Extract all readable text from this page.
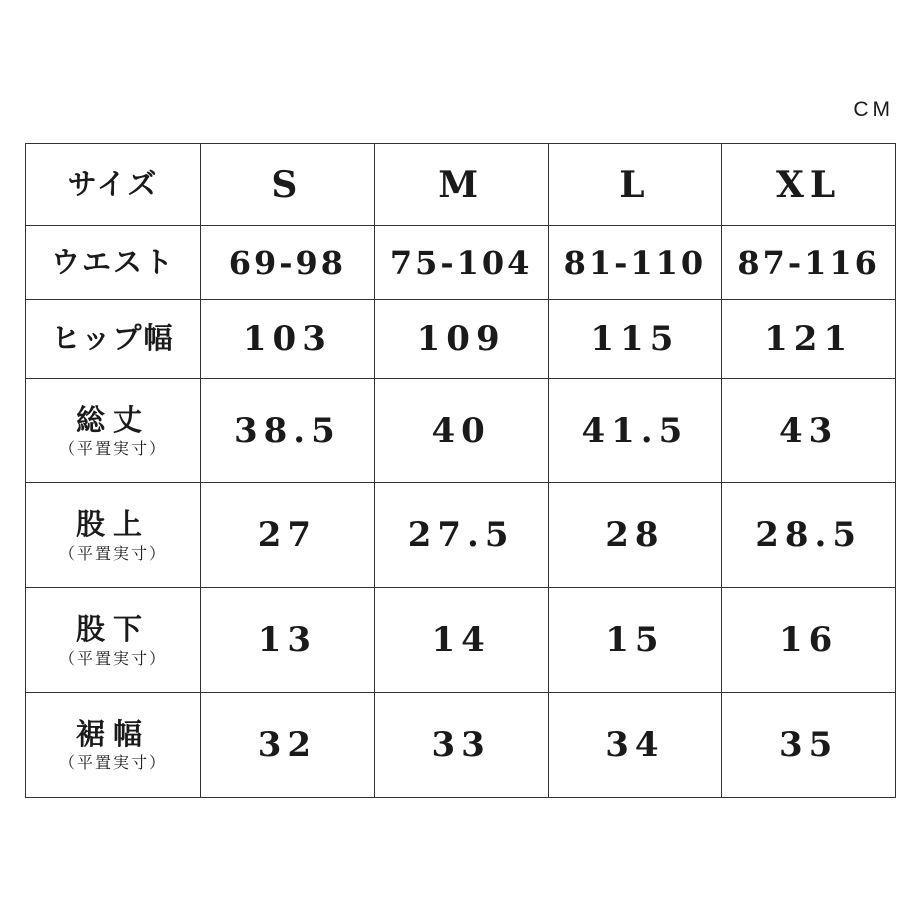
CM
サイズ	S	M	L	XL

ウエスト	69-98	75-104	81-110	87-116

ヒップ幅	103	109	115	121

総丈
（平置実寸）	38.5	40	41.5	43

股上
（平置実寸）	27	27.5	28	28.5

股下
（平置実寸）	13	14	15	16

裾幅
（平置実寸）	32	33	34	35
